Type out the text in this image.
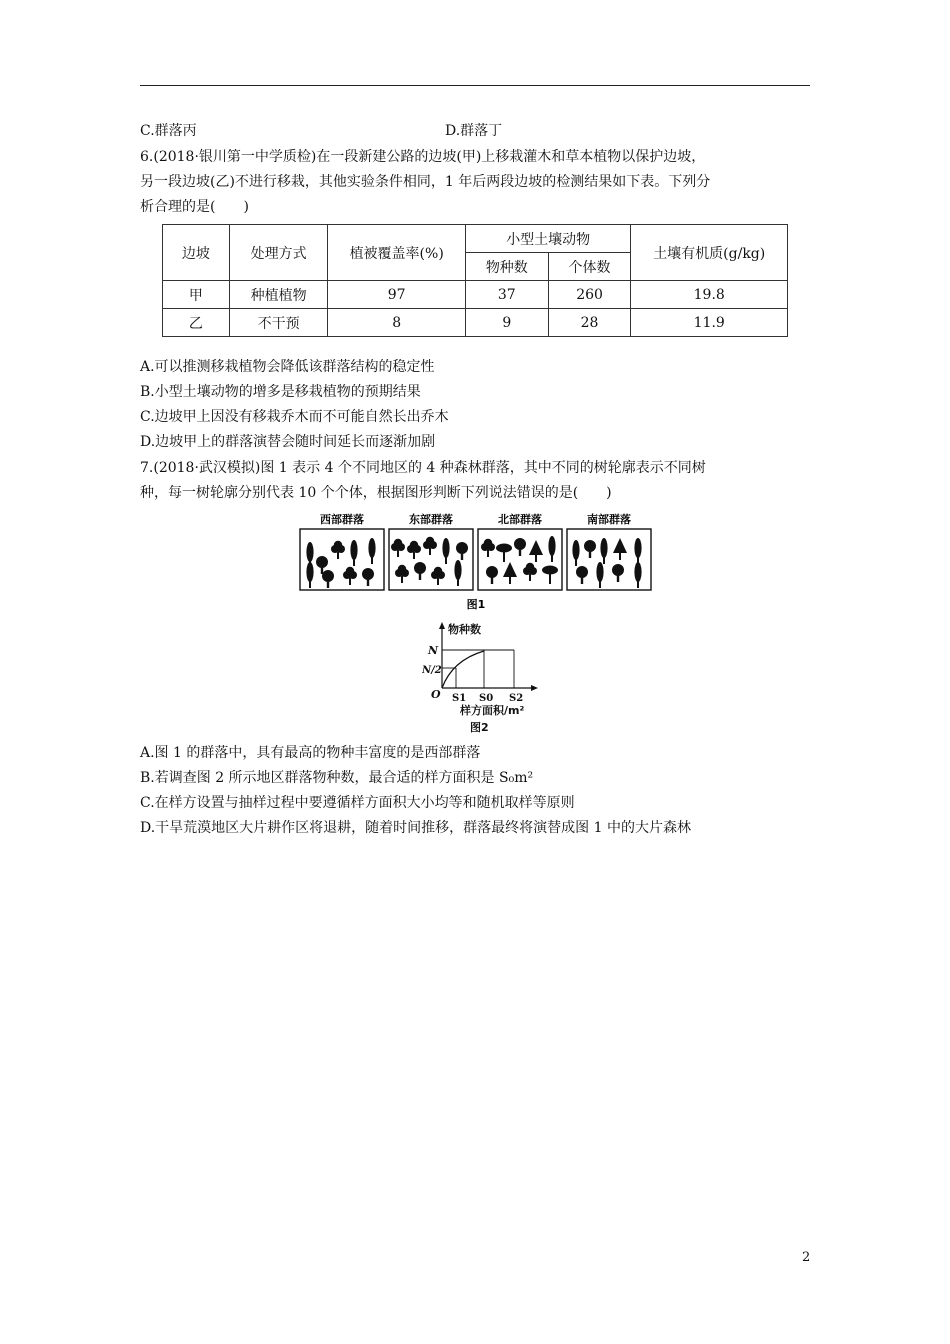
C.群落丙	D.群落丁
6.(2018·银川第一中学质检)在一段新建公路的边坡(甲)上移栽灌木和草本植物以保护边坡，
另一段边坡(乙)不进行移栽，其他实验条件相同，1 年后两段边坡的检测结果如下表。下列分
析合理的是(　　)
边坡	处理方式	植被覆盖率(%)	小型土壤动物		土壤有机质(g/kg)
			物种数	个体数	
甲	种植植物	97	37	260	19.8
乙	不干预	8	9	28	11.9
A.可以推测移栽植物会降低该群落结构的稳定性
B.小型土壤动物的增多是移栽植物的预期结果
C.边坡甲上因没有移栽乔木而不可能自然长出乔木
D.边坡甲上的群落演替会随时间延长而逐渐加剧
7.(2018·武汉模拟)图 1 表示 4 个不同地区的 4 种森林群落，其中不同的树轮廓表示不同树
种，每一树轮廓分别代表 10 个个体，根据图形判断下列说法错误的是(　　)
西部群落	东部群落	北部群落	南部群落
图1
物种数
N
N/2
O S1 S0 S2
样方面积/m²
图2
A.图 1 的群落中，具有最高的物种丰富度的是西部群落
B.若调查图 2 所示地区群落物种数，最合适的样方面积是 S₀m²
C.在样方设置与抽样过程中要遵循样方面积大小均等和随机取样等原则
D.干旱荒漠地区大片耕作区将退耕，随着时间推移，群落最终将演替成图 1 中的大片森林
2
